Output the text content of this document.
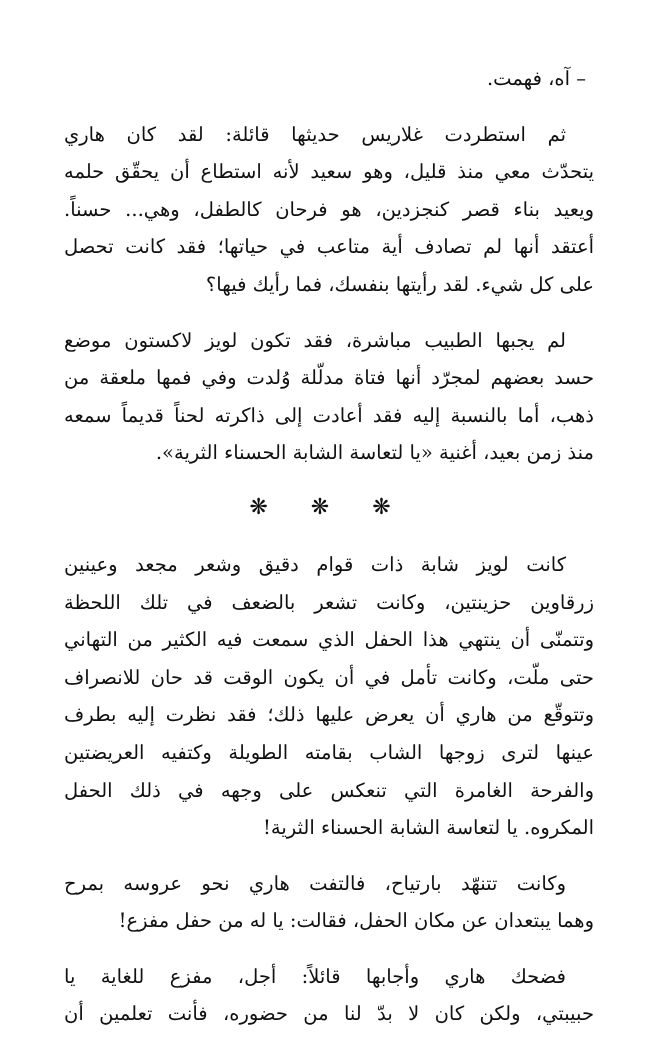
– آه، فهمت.

ثم استطردت غلاريس حديثها قائلة: لقد كان هاري
يتحدّث معي منذ قليل، وهو سعيد لأنه استطاع أن يحقّق حلمه
ويعيد بناء قصر كنجزدين، هو فرحان كالطفل، وهي... حسناً.
أعتقد أنها لم تصادف أية متاعب في حياتها؛ فقد كانت تحصل
على كل شيء. لقد رأيتها بنفسك، فما رأيك فيها؟

لم يجبها الطبيب مباشرة، فقد تكون لويز لاكستون موضع
حسد بعضهم لمجرّد أنها فتاة مدلّلة وُلدت وفي فمها ملعقة من
ذهب، أما بالنسبة إليه فقد أعادت إلى ذاكرته لحناً قديماً سمعه
منذ زمن بعيد، أغنية «يا لتعاسة الشابة الحسناء الثرية».

❋ ❋ ❋

كانت لويز شابة ذات قوام دقيق وشعر مجعد وعينين
زرقاوين حزينتين، وكانت تشعر بالضعف في تلك اللحظة
وتتمنّى أن ينتهي هذا الحفل الذي سمعت فيه الكثير من التهاني
حتى ملّت، وكانت تأمل في أن يكون الوقت قد حان للانصراف
وتتوقّع من هاري أن يعرض عليها ذلك؛ فقد نظرت إليه بطرف
عينها لترى زوجها الشاب بقامته الطويلة وكتفيه العريضتين
والفرحة الغامرة التي تنعكس على وجهه في ذلك الحفل
المكروه. يا لتعاسة الشابة الحسناء الثرية!

وكانت تتنهّد بارتياح، فالتفت هاري نحو عروسه بمرح
وهما يبتعدان عن مكان الحفل، فقالت: يا له من حفل مفزع!

فضحك هاري وأجابها قائلاً: أجل، مفزع للغاية يا
حبيبتي، ولكن كان لا بدّ لنا من حضوره، فأنت تعلمين أن
